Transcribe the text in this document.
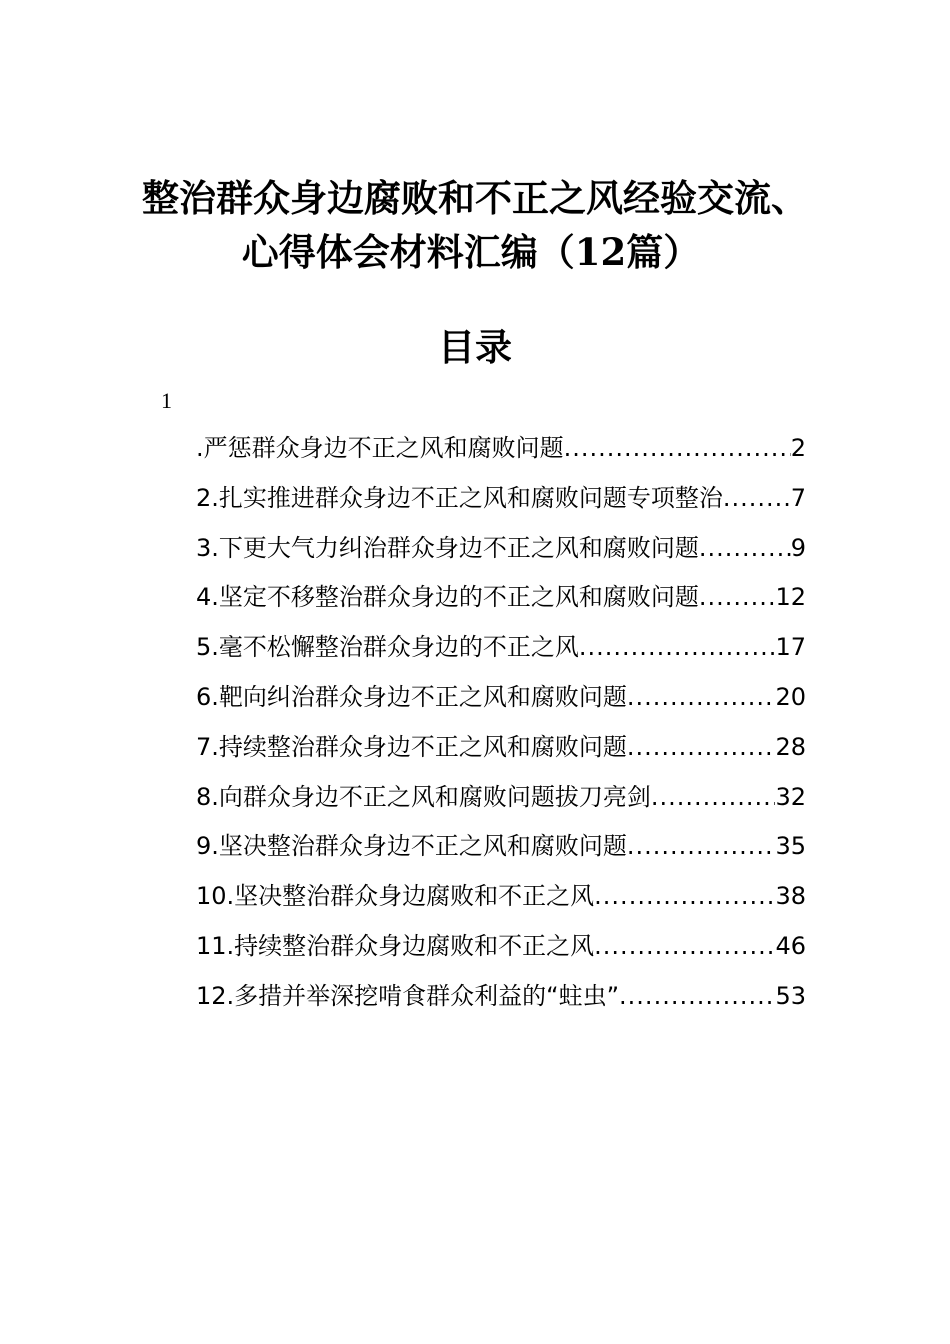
整治群众身边腐败和不正之风经验交流、
心得体会材料汇编（12篇）
目录
1
.严惩群众身边不正之风和腐败问题 .....	2
2.扎实推进群众身边不正之风和腐败问题专项整治 .....	7
3.下更大气力纠治群众身边不正之风和腐败问题 .....	9
4.坚定不移整治群众身边的不正之风和腐败问题 .....	12
5.毫不松懈整治群众身边的不正之风 .....	17
6.靶向纠治群众身边不正之风和腐败问题 .....	20
7.持续整治群众身边不正之风和腐败问题 .....	28
8.向群众身边不正之风和腐败问题拔刀亮剑 .....	32
9.坚决整治群众身边不正之风和腐败问题 .....	35
10.坚决整治群众身边腐败和不正之风 .....	38
11.持续整治群众身边腐败和不正之风 .....	46
12.多措并举深挖啃食群众利益的“蛀虫” .....	53
